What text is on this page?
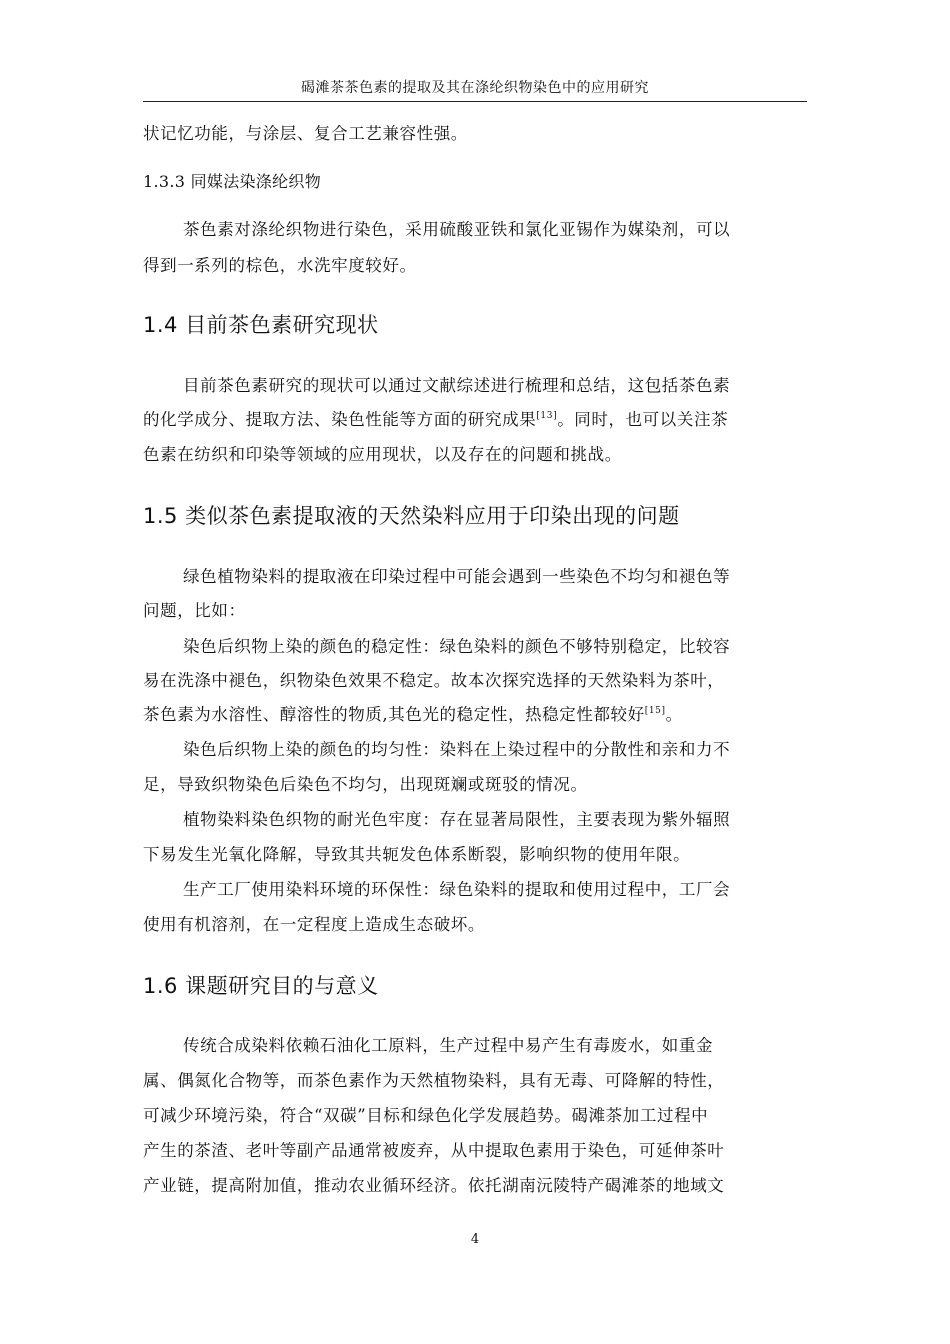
碣滩茶茶色素的提取及其在涤纶织物染色中的应用研究
状记忆功能，与涂层、复合工艺兼容性强。
1.3.3 同媒法染涤纶织物
茶色素对涤纶织物进行染色，采用硫酸亚铁和氯化亚锡作为媒染剂，可以
得到一系列的棕色，水洗牢度较好。
1.4 目前茶色素研究现状
目前茶色素研究的现状可以通过文献综述进行梳理和总结，这包括茶色素
的化学成分、提取方法、染色性能等方面的研究成果[13]。同时，也可以关注茶
色素在纺织和印染等领域的应用现状，以及存在的问题和挑战。
1.5 类似茶色素提取液的天然染料应用于印染出现的问题
绿色植物染料的提取液在印染过程中可能会遇到一些染色不均匀和褪色等
问题，比如：
染色后织物上染的颜色的稳定性：绿色染料的颜色不够特别稳定，比较容
易在洗涤中褪色，织物染色效果不稳定。故本次探究选择的天然染料为茶叶，
茶色素为水溶性、醇溶性的物质,其色光的稳定性，热稳定性都较好[15]。
染色后织物上染的颜色的均匀性：染料在上染过程中的分散性和亲和力不
足，导致织物染色后染色不均匀，出现斑斓或斑驳的情况。
植物染料染色织物的耐光色牢度：存在显著局限性，主要表现为紫外辐照
下易发生光氧化降解，导致其共轭发色体系断裂，影响织物的使用年限。
生产工厂使用染料环境的环保性：绿色染料的提取和使用过程中，工厂会
使用有机溶剂，在一定程度上造成生态破坏。
1.6 课题研究目的与意义
传统合成染料依赖石油化工原料，生产过程中易产生有毒废水，如重金
属、偶氮化合物等，而茶色素作为天然植物染料，具有无毒、可降解的特性，
可减少环境污染，符合“双碳”目标和绿色化学发展趋势。碣滩茶加工过程中
产生的茶渣、老叶等副产品通常被废弃，从中提取色素用于染色，可延伸茶叶
产业链，提高附加值，推动农业循环经济。依托湖南沅陵特产碣滩茶的地域文
4
